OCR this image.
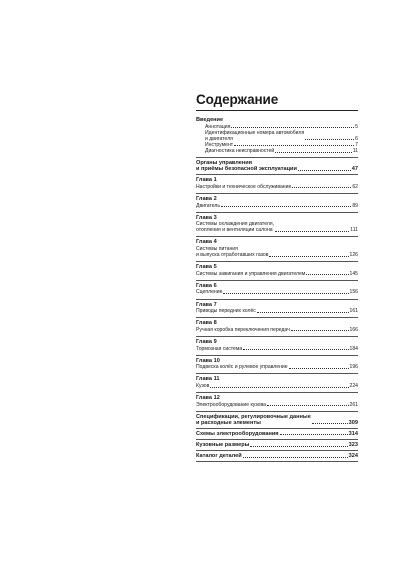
Содержание
Введение
Аннотация	5
Идентификационные номера автомобиля
и двигателя	6
Инструмент	7
Диагностика неисправностей	11
Органы управления
и приёмы безопасной эксплуатации	47
Глава 1
Настройки и техническое обслуживание	62
Глава 2
Двигатель	89
Глава 3
Системы охлаждения двигателя,
отопления и вентиляции салона	111
Глава 4
Системы питания
и выпуска отработавших газов	126
Глава 5
Системы зажигания и управления двигателем	145
Глава 6
Сцепление	156
Глава 7
Приводы передних колёс	161
Глава 8
Ручная коробка переключения передач	166
Глава 9
Тормозная система	184
Глава 10
Подвеска колёс и рулевое управление	196
Глава 11
Кузов	224
Глава 12
Электрооборудование кузова	261
Спецификации, регулировочные данные
и расходные элементы	309
Схемы электрооборудования	314
Кузовные размеры	323
Каталог деталей	324
